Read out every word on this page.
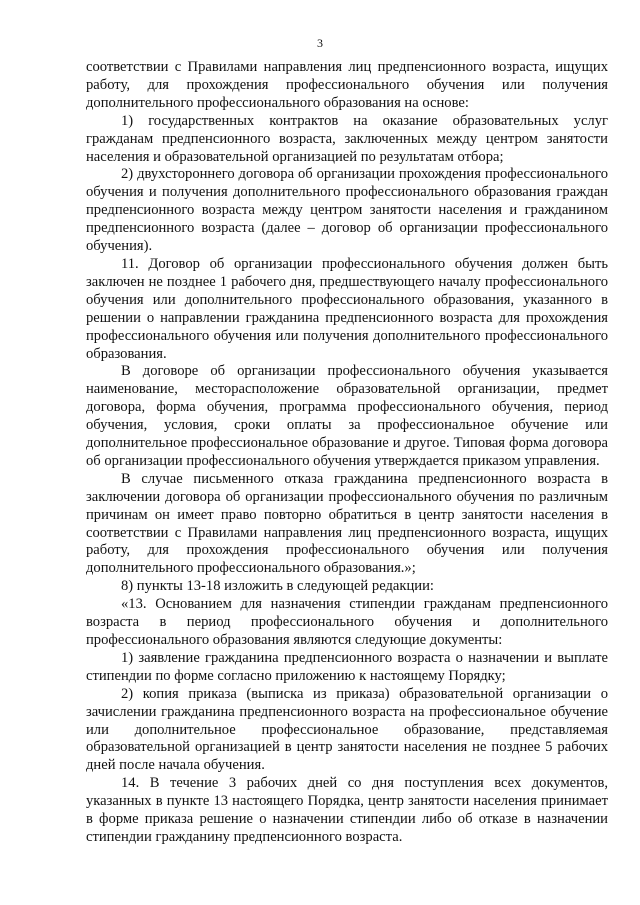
3

соответствии с Правилами направления лиц предпенсионного возраста, ищущих работу, для прохождения профессионального обучения или получения дополнительного профессионального образования на основе:

1) государственных контрактов на оказание образовательных услуг гражданам предпенсионного возраста, заключенных между центром занятости населения и образовательной организацией по результатам отбора;

2) двухстороннего договора об организации прохождения профессионального обучения и получения дополнительного профессионального образования граждан предпенсионного возраста между центром занятости населения и гражданином предпенсионного возраста (далее – договор об организации профессионального обучения).

11. Договор об организации профессионального обучения должен быть заключен не позднее 1 рабочего дня, предшествующего началу профессионального обучения или дополнительного профессионального образования, указанного в решении о направлении гражданина предпенсионного возраста для прохождения профессионального обучения или получения дополнительного профессионального образования.

В договоре об организации профессионального обучения указывается наименование, месторасположение образовательной организации, предмет договора, форма обучения, программа профессионального обучения, период обучения, условия, сроки оплаты за профессиональное обучение или дополнительное профессиональное образование и другое. Типовая форма договора об организации профессионального обучения утверждается приказом управления.

В случае письменного отказа гражданина предпенсионного возраста в заключении договора об организации профессионального обучения по различным причинам он имеет право повторно обратиться в центр занятости населения в соответствии с Правилами направления лиц предпенсионного возраста, ищущих работу, для прохождения профессионального обучения или получения дополнительного профессионального образования.»;

8) пункты 13-18 изложить в следующей редакции:

«13. Основанием для назначения стипендии гражданам предпенсионного возраста в период профессионального обучения и дополнительного профессионального образования являются следующие документы:

1) заявление гражданина предпенсионного возраста о назначении и выплате стипендии по форме согласно приложению к настоящему Порядку;

2) копия приказа (выписка из приказа) образовательной организации о зачислении гражданина предпенсионного возраста на профессиональное обучение или дополнительное профессиональное образование, представляемая образовательной организацией в центр занятости населения не позднее 5 рабочих дней после начала обучения.

14. В течение 3 рабочих дней со дня поступления всех документов, указанных в пункте 13 настоящего Порядка, центр занятости населения принимает в форме приказа решение о назначении стипендии либо об отказе в назначении стипендии гражданину предпенсионного возраста.
